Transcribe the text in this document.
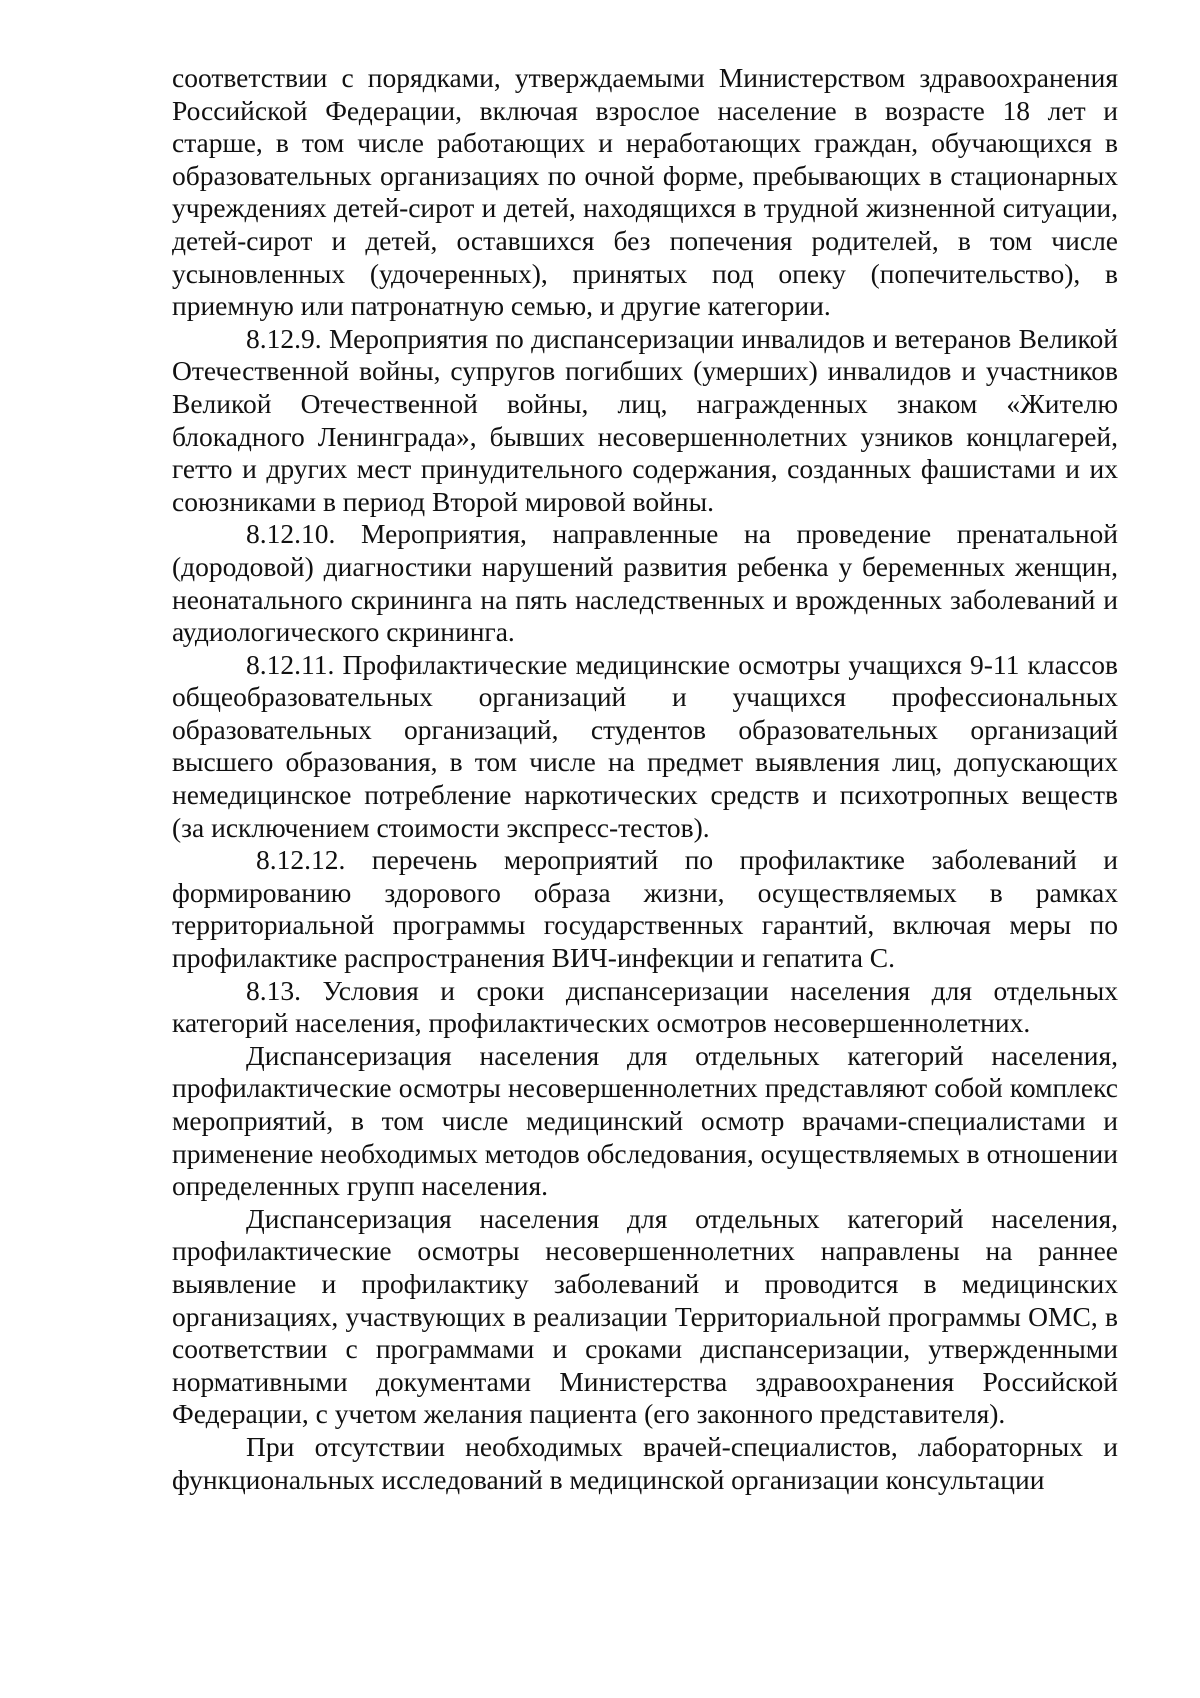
соответствии с порядками, утверждаемыми Министерством здравоохранения Российской Федерации, включая взрослое население в возрасте 18 лет и старше, в том числе работающих и неработающих граждан, обучающихся в образовательных организациях по очной форме, пребывающих в стационарных учреждениях детей-сирот и детей, находящихся в трудной жизненной ситуации, детей-сирот и детей, оставшихся без попечения родителей, в том числе усыновленных (удочеренных), принятых под опеку (попечительство), в приемную или патронатную семью, и другие категории.

8.12.9. Мероприятия по диспансеризации инвалидов и ветеранов Великой Отечественной войны, супругов погибших (умерших) инвалидов и участников Великой Отечественной войны, лиц, награжденных знаком «Жителю блокадного Ленинграда», бывших несовершеннолетних узников концлагерей, гетто и других мест принудительного содержания, созданных фашистами и их союзниками в период Второй мировой войны.

8.12.10. Мероприятия, направленные на проведение пренатальной (дородовой) диагностики нарушений развития ребенка у беременных женщин, неонатального скрининга на пять наследственных и врожденных заболеваний и аудиологического скрининга.

8.12.11. Профилактические медицинские осмотры учащихся 9-11 классов общеобразовательных организаций и учащихся профессиональных образовательных организаций, студентов образовательных организаций высшего образования, в том числе на предмет выявления лиц, допускающих немедицинское потребление наркотических средств и психотропных веществ (за исключением стоимости экспресс-тестов).

8.12.12. перечень мероприятий по профилактике заболеваний и формированию здорового образа жизни, осуществляемых в рамках территориальной программы государственных гарантий, включая меры по профилактике распространения ВИЧ-инфекции и гепатита С.

8.13. Условия и сроки диспансеризации населения для отдельных категорий населения, профилактических осмотров несовершеннолетних.

Диспансеризация населения для отдельных категорий населения, профилактические осмотры несовершеннолетних представляют собой комплекс мероприятий, в том числе медицинский осмотр врачами-специалистами и применение необходимых методов обследования, осуществляемых в отношении определенных групп населения.

Диспансеризация населения для отдельных категорий населения, профилактические осмотры несовершеннолетних направлены на раннее выявление и профилактику заболеваний и проводится в медицинских организациях, участвующих в реализации Территориальной программы ОМС, в соответствии с программами и сроками диспансеризации, утвержденными нормативными документами Министерства здравоохранения Российской Федерации, с учетом желания пациента (его законного представителя).

При отсутствии необходимых врачей-специалистов, лабораторных и функциональных исследований в медицинской организации консультации
